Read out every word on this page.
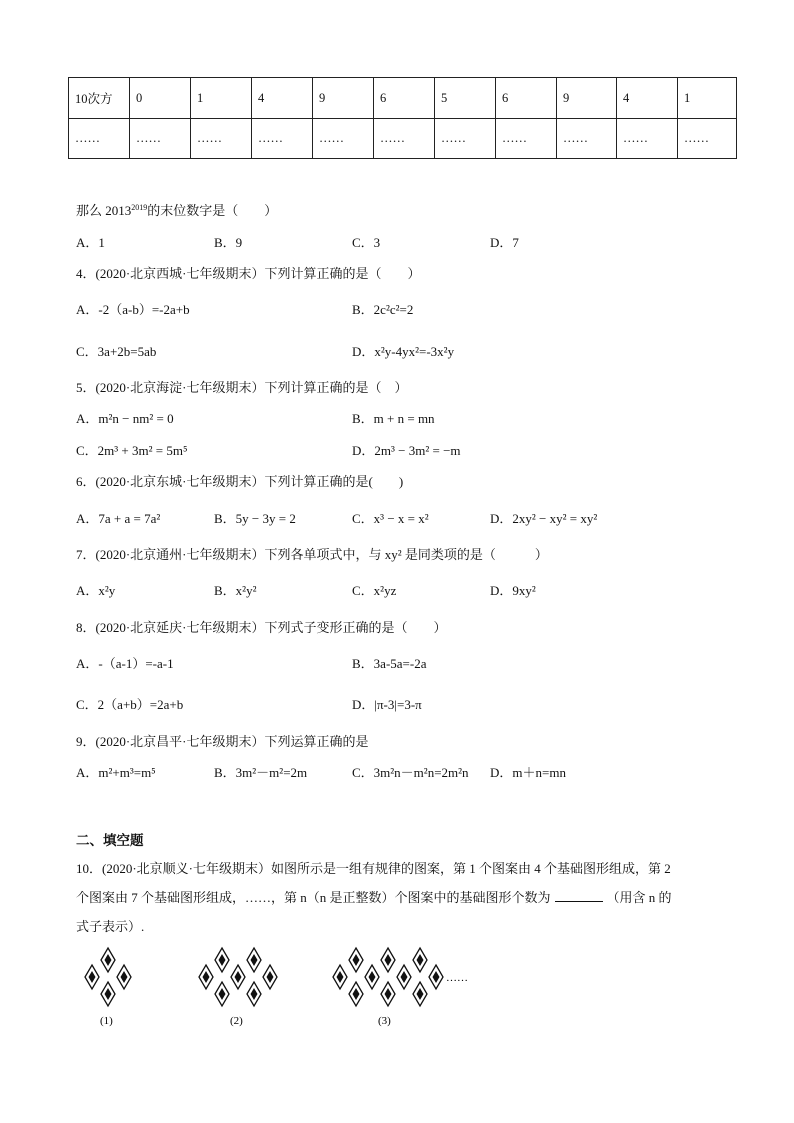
10次方	0	1	4	9	6	5	6	9	4	1
……	……	……	……	……	……	……	……	……	……	……
那么 $2013^{2019}$的末位数字是（　　）
A．1	B．9	C．3	D．7
4．(2020·北京西城·七年级期末）下列计算正确的是（　　）
A．-2（a-b）=-2a+b	B．2c²c²=2
C．3a+2b=5ab	D．x²y-4yx²=-3x²y
5．(2020·北京海淀·七年级期末）下列计算正确的是（　）
A．m²n − nm² = 0	B．m + n = mn
C．2m³ + 3m² = 5m⁵	D．2m³ − 3m² = −m
6．(2020·北京东城·七年级期末）下列计算正确的是(　　)
A．7a + a = 7a²	B．5y − 3y = 2	C．x³ − x = x²	D．2xy² − xy² = xy²
7．(2020·北京通州·七年级期末）下列各单项式中，与 xy² 是同类项的是（　　　）
A．x²y	B．x²y²	C．x²yz	D．9xy²
8．(2020·北京延庆·七年级期末）下列式子变形正确的是（　　）
A．-（a-1）=-a-1	B．3a-5a=-2a
C．2（a+b）=2a+b	D．|π-3|=3-π
9．(2020·北京昌平·七年级期末）下列运算正确的是
A．m²+m³=m⁵	B．3m²－m²=2m	C．3m²n－m²n=2m²n D．m＋n=mn
二、填空题
10．(2020·北京顺义·七年级期末）如图所示是一组有规律的图案，第 1 个图案由 4 个基础图形组成，第 2
个图案由 7 个基础图形组成，……，第 n（n 是正整数）个图案中的基础图形个数为	（用含 n 的
式子表示）.
……
(1)	(2)	(3)
